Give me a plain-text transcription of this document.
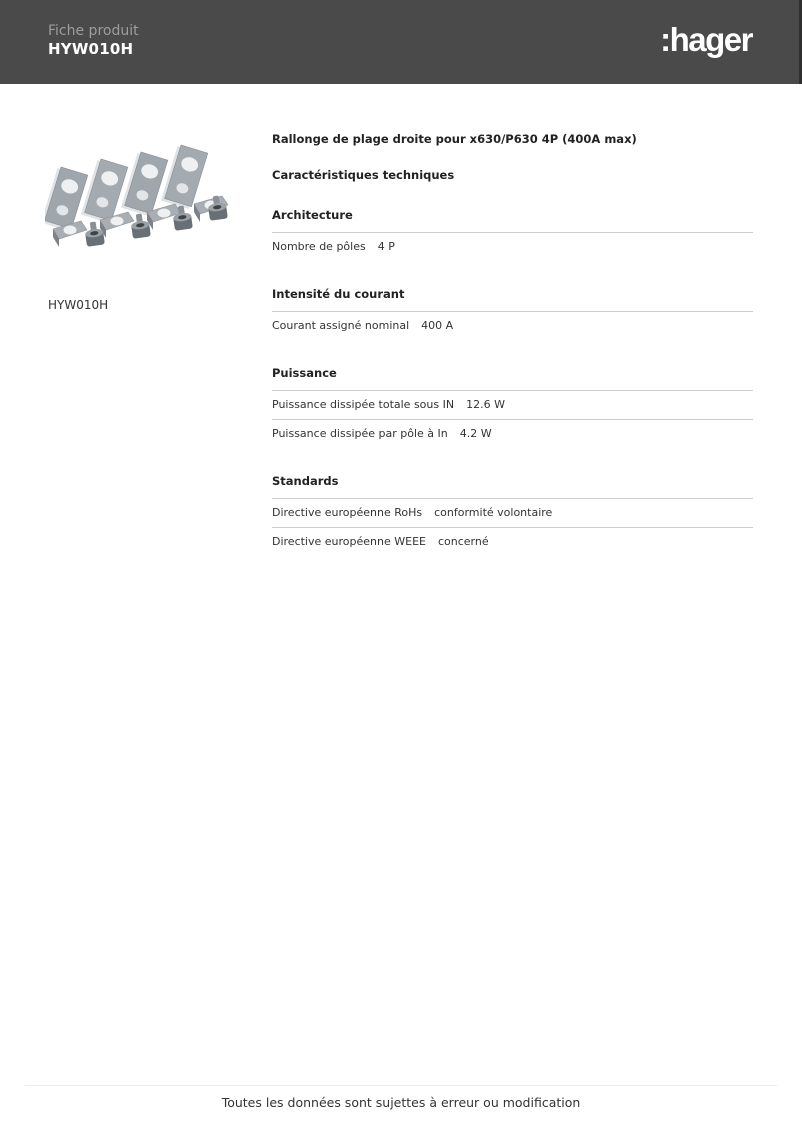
Fiche produit
HYW010H	:hager
HYW010H
Rallonge de plage droite pour x630/P630 4P (400A max)
Caractéristiques techniques
Architecture
Nombre de pôles 4 P
Intensité du courant
Courant assigné nominal 400 A
Puissance
Puissance dissipée totale sous IN 12.6 W
Puissance dissipée par pôle à In 4.2 W
Standards
Directive européenne RoHs conformité volontaire
Directive européenne WEEE concerné
Toutes les données sont sujettes à erreur ou modification
